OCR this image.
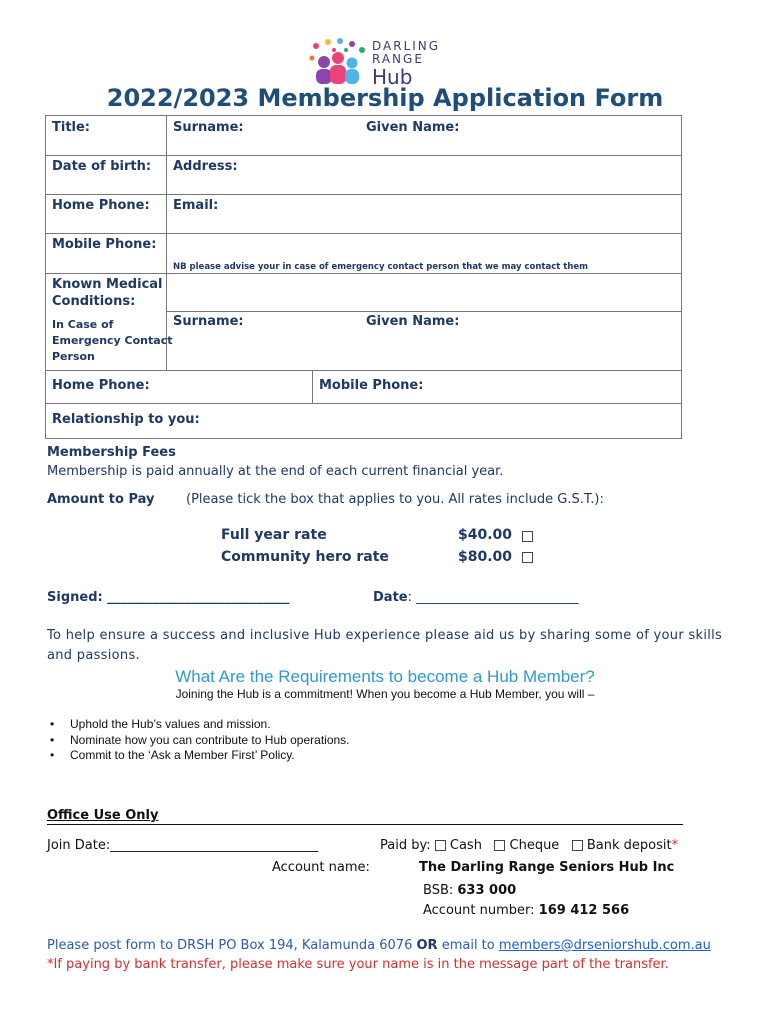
DARLING
RANGE
Hub
2022/2023 Membership Application Form
Title:	Surname:	Given Name:
Date of birth: Address:
Home Phone: Email:
Mobile Phone:
NB please advise your in case of emergency contact person that we may contact them
Known Medical
Conditions:
In Case of
Emergency Contact
Person
Surname:	Given Name:
Home Phone:	Mobile Phone:
Relationship to you:
Membership Fees
Membership is paid annually at the end of each current financial year.
Amount to Pay (Please tick the box that applies to you. All rates include G.S.T.):
Full year rate	$40.00
Community hero rate	$80.00
Signed: ____________________________	Date: _________________________
To help ensure a success and inclusive Hub experience please aid us by sharing some of your skills and passions.
What Are the Requirements to become a Hub Member?
Joining the Hub is a commitment! When you become a Hub Member, you will –
• Uphold the Hub’s values and mission.
• Nominate how you can contribute to Hub operations.
• Commit to the ‘Ask a Member First’ Policy.
Office Use Only
Join Date:________________________________	Paid by: Cash Cheque Bank deposit*
Account name:	The Darling Range Seniors Hub Inc
BSB: 633 000
Account number: 169 412 566
Please post form to DRSH PO Box 194, Kalamunda 6076 OR email to members@drseniorshub.com.au
*If paying by bank transfer, please make sure your name is in the message part of the transfer.
